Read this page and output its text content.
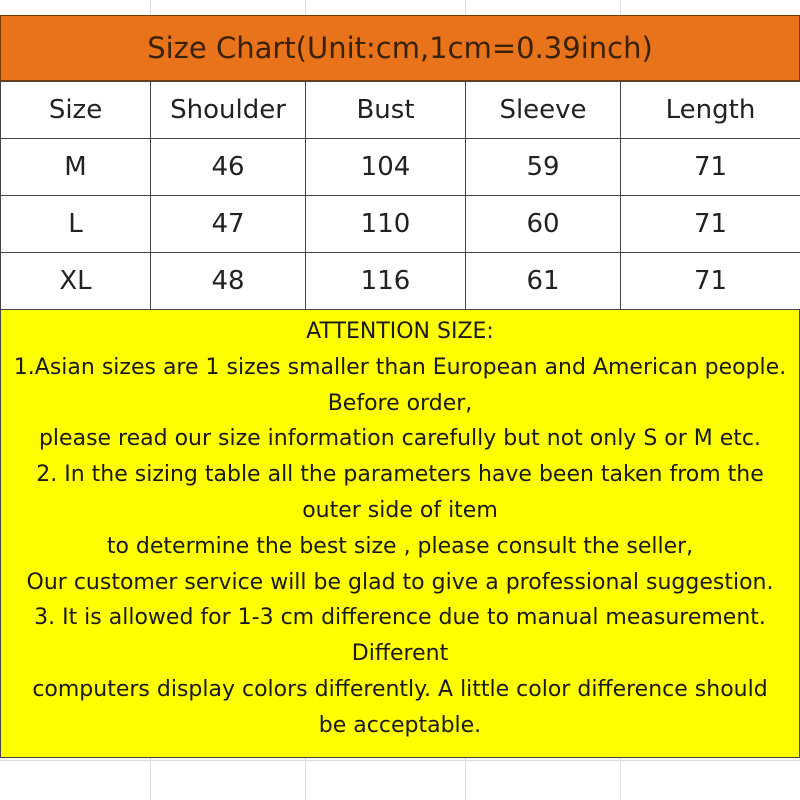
Size Chart(Unit:cm,1cm=0.39inch)
Size	Shoulder	Bust	Sleeve	Length
M	46	104	59	71
L	47	110	60	71
XL	48	116	61	71
ATTENTION SIZE:
1.Asian sizes are 1 sizes smaller than European and American people.
Before order,
please read our size information carefully but not only S or M etc.
2. In the sizing table all the parameters have been taken from the
outer side of item
to determine the best size , please consult the seller,
Our customer service will be glad to give a professional suggestion.
3. It is allowed for 1-3 cm difference due to manual measurement.
Different
computers display colors differently. A little color difference should
be acceptable.
